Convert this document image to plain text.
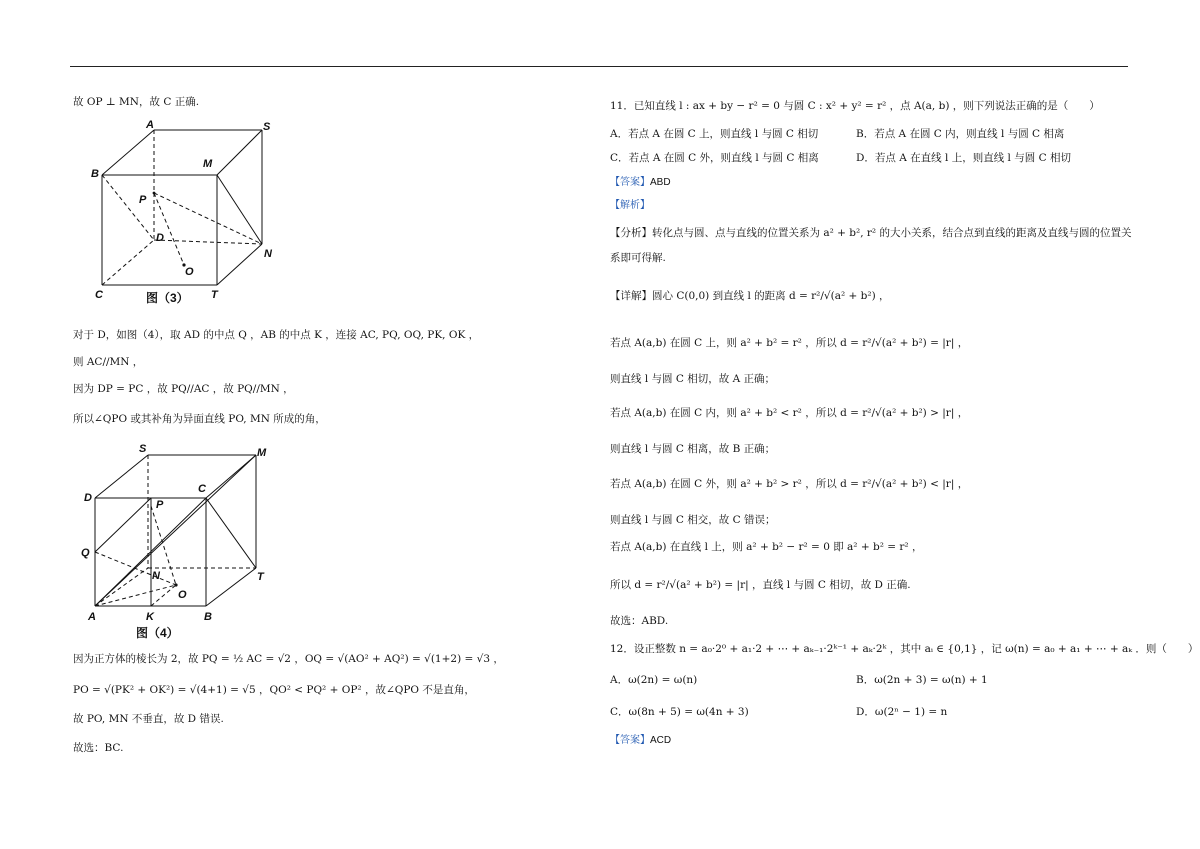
故 OP ⊥ MN，故 C 正确.
A	S
M
B
P
D
N
O
C	T
图（3）
对于 D，如图（4），取 AD 的中点 Q ，AB 的中点 K ，连接 AC, PQ, OQ, PK, OK ，
则 AC//MN ，
因为 DP = PC ，故 PQ//AC ，故 PQ//MN ，
所以∠QPO 或其补角为异面直线 PO, MN 所成的角，
S	M
D
C
P
Q
N	T
O
A	K	B
图（4）
因为正方体的棱长为 2，故 PQ = ½ AC = √2 ，OQ = √(AO² + AQ²) = √(1+2) = √3 ，
PO = √(PK² + OK²) = √(4+1) = √5 ，QO² < PQ² + OP² ，故∠QPO 不是直角，
故 PO, MN 不垂直，故 D 错误.
故选：BC.
11．已知直线 l : ax + by − r² = 0 与圆 C : x² + y² = r² ，点 A(a, b) ，则下列说法正确的是（　　）
A．若点 A 在圆 C 上，则直线 l 与圆 C 相切	B．若点 A 在圆 C 内，则直线 l 与圆 C 相离
C．若点 A 在圆 C 外，则直线 l 与圆 C 相离	D．若点 A 在直线 l 上，则直线 l 与圆 C 相切
【答案】ABD
【解析】
【分析】转化点与圆、点与直线的位置关系为 a² + b², r² 的大小关系，结合点到直线的距离及直线与圆的位置关
系即可得解.
【详解】圆心 C(0,0) 到直线 l 的距离 d = r²/√(a² + b²) ，
若点 A(a,b) 在圆 C 上，则 a² + b² = r² ，所以 d = r²/√(a² + b²) = |r| ，
则直线 l 与圆 C 相切，故 A 正确；
若点 A(a,b) 在圆 C 内，则 a² + b² < r² ，所以 d = r²/√(a² + b²) > |r| ，
则直线 l 与圆 C 相离，故 B 正确；
若点 A(a,b) 在圆 C 外，则 a² + b² > r² ，所以 d = r²/√(a² + b²) < |r| ，
则直线 l 与圆 C 相交，故 C 错误；
若点 A(a,b) 在直线 l 上，则 a² + b² − r² = 0 即 a² + b² = r² ，
所以 d = r²/√(a² + b²) = |r| ，直线 l 与圆 C 相切，故 D 正确.
故选：ABD.
12．设正整数 n = a₀·2⁰ + a₁·2 + ⋯ + aₖ₋₁·2ᵏ⁻¹ + aₖ·2ᵏ ，其中 aᵢ ∈ {0,1} ，记 ω(n) = a₀ + a₁ + ⋯ + aₖ ．则（　　）
A．ω(2n) = ω(n)	B．ω(2n + 3) = ω(n) + 1
C．ω(8n + 5) = ω(4n + 3)	D．ω(2ⁿ − 1) = n
【答案】ACD
